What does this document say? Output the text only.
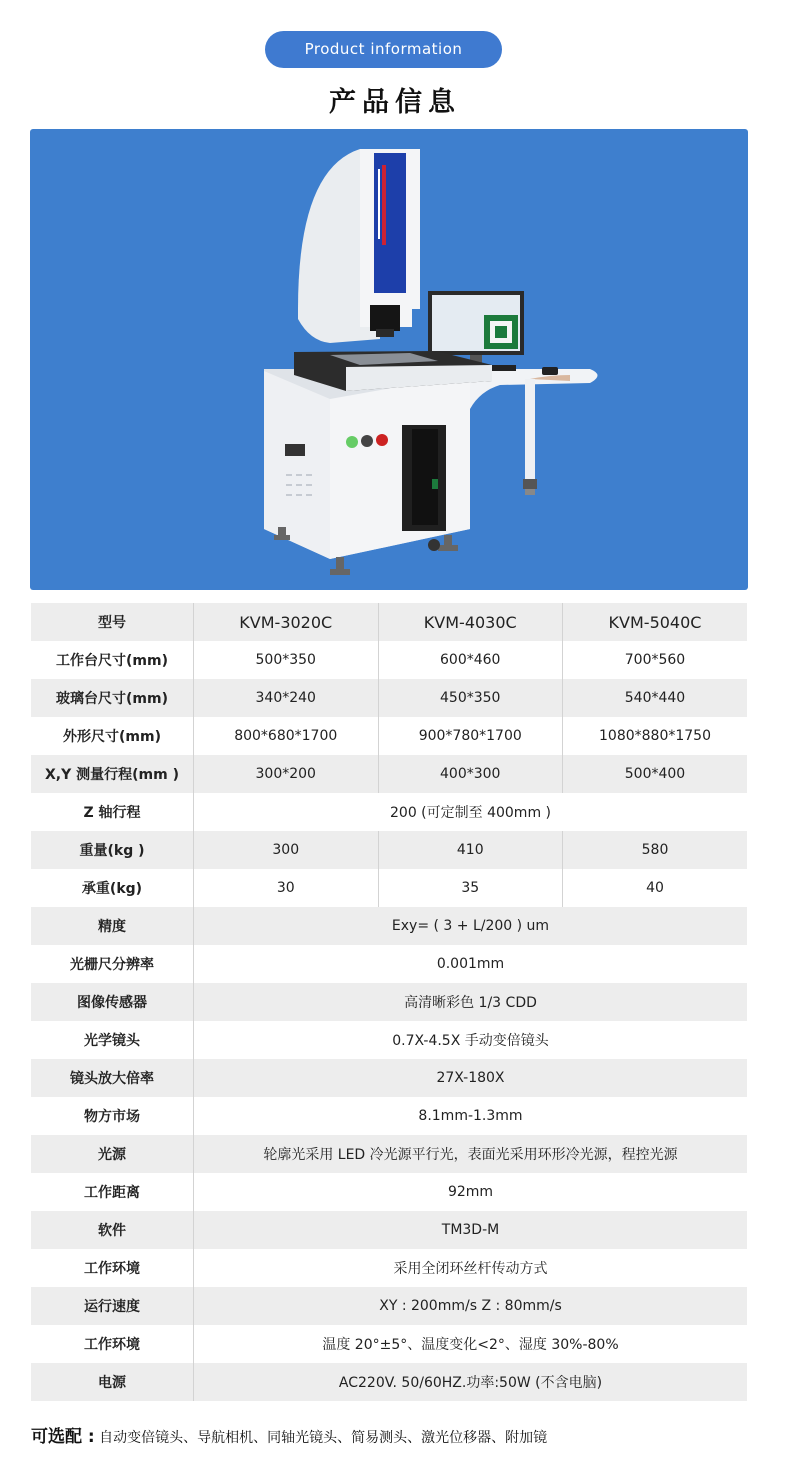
Product information
产品信息
型号	KVM-3020C	KVM-4030C	KVM-5040C
工作台尺寸(mm)	500*350	600*460	700*560
玻璃台尺寸(mm)	340*240	450*350	540*440
外形尺寸(mm)	800*680*1700	900*780*1700	1080*880*1750
X,Y 测量行程(mm )	300*200	400*300	500*400
Z 轴行程	200 (可定制至 400mm )		
重量(kg )	300	410	580
承重(kg)	30	35	40
精度	Exy= ( 3 + L/200 ) um		
光栅尺分辨率	0.001mm		
图像传感器	高清晰彩色 1/3 CDD		
光学镜头	0.7X-4.5X 手动变倍镜头		
镜头放大倍率	27X-180X		
物方市场	8.1mm-1.3mm		
光源	轮廓光采用 LED 冷光源平行光，表面光采用环形冷光源，程控光源		
工作距离	92mm		
软件	TM3D-M		
工作环境	采用全闭环丝杆传动方式		
运行速度	XY : 200mm/s Z : 80mm/s		
工作环境	温度 20°±5°、温度变化<2°、湿度 30%-80%		
电源	AC220V. 50/60HZ.功率:50W (不含电脑)		
可选配 : 自动变倍镜头、导航相机、同轴光镜头、简易测头、激光位移器、附加镜
